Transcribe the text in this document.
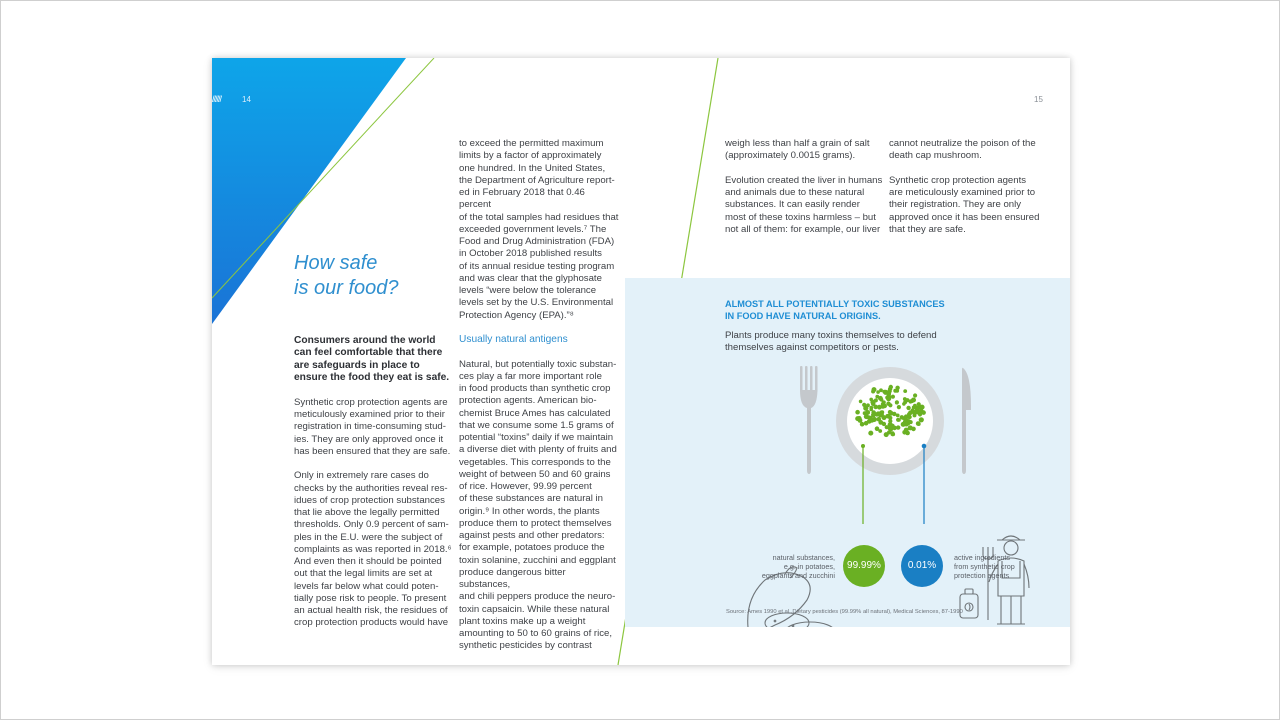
//////	14	15
How safe
is our food?

Consumers around the world can feel comfortable that there are safeguards in place to ensure the food they eat is safe.

Synthetic crop protection agents are
meticulously examined prior to their
registration in time-consuming stud-
ies. They are only approved once it
has been ensured that they are safe.

Only in extremely rare cases do
checks by the authorities reveal res-
idues of crop protection substances
that lie above the legally permitted
thresholds. Only 0.9 percent of sam-
ples in the E.U. were the subject of
complaints as was reported in 2018.⁶
And even then it should be pointed
out that the legal limits are set at
levels far below what could poten-
tially pose risk to people. To present
an actual health risk, the residues of
crop protection products would have

to exceed the permitted maximum
limits by a factor of approximately
one hundred. In the United States,
the Department of Agriculture report-
ed in February 2018 that 0.46 percent
of the total samples had residues that
exceeded government levels.⁷ The
Food and Drug Administration (FDA)
in October 2018 published results
of its annual residue testing program
and was clear that the glyphosate
levels “were below the tolerance
levels set by the U.S. Environmental
Protection Agency (EPA).”⁸

Usually natural antigens

Natural, but potentially toxic substan-
ces play a far more important role
in food products than synthetic crop
protection agents. American bio-
chemist Bruce Ames has calculated
that we consume some 1.5 grams of
potential “toxins” daily if we maintain
a diverse diet with plenty of fruits and
vegetables. This corresponds to the
weight of between 50 and 60 grains
of rice. However, 99.99 percent
of these substances are natural in
origin.⁹ In other words, the plants
produce them to protect themselves
against pests and other predators:
for example, potatoes produce the
toxin solanine, zucchini and eggplant
produce dangerous bitter substances,
and chili peppers produce the neuro-
toxin capsaicin. While these natural
plant toxins make up a weight
amounting to 50 to 60 grains of rice,
synthetic pesticides by contrast

weigh less than half a grain of salt
(approximately 0.0015 grams).

Evolution created the liver in humans
and animals due to these natural
substances. It can easily render
most of these toxins harmless – but
not all of them: for example, our liver

cannot neutralize the poison of the
death cap mushroom.

Synthetic crop protection agents
are meticulously examined prior to
their registration. They are only
approved once it has been ensured
that they are safe.

ALMOST ALL POTENTIALLY TOXIC SUBSTANCES
IN FOOD HAVE NATURAL ORIGINS.
Plants produce many toxins themselves to defend
themselves against competitors or pests.
99.99%	0.01%
natural substances,
e.g. in potatoes,
eggplants and zucchini
active ingredients
from synthetic crop
protection agents
Source: Ames 1990 et al.,Dietary pesticides (99.99% all natural), Medical Sciences, 87-1990
